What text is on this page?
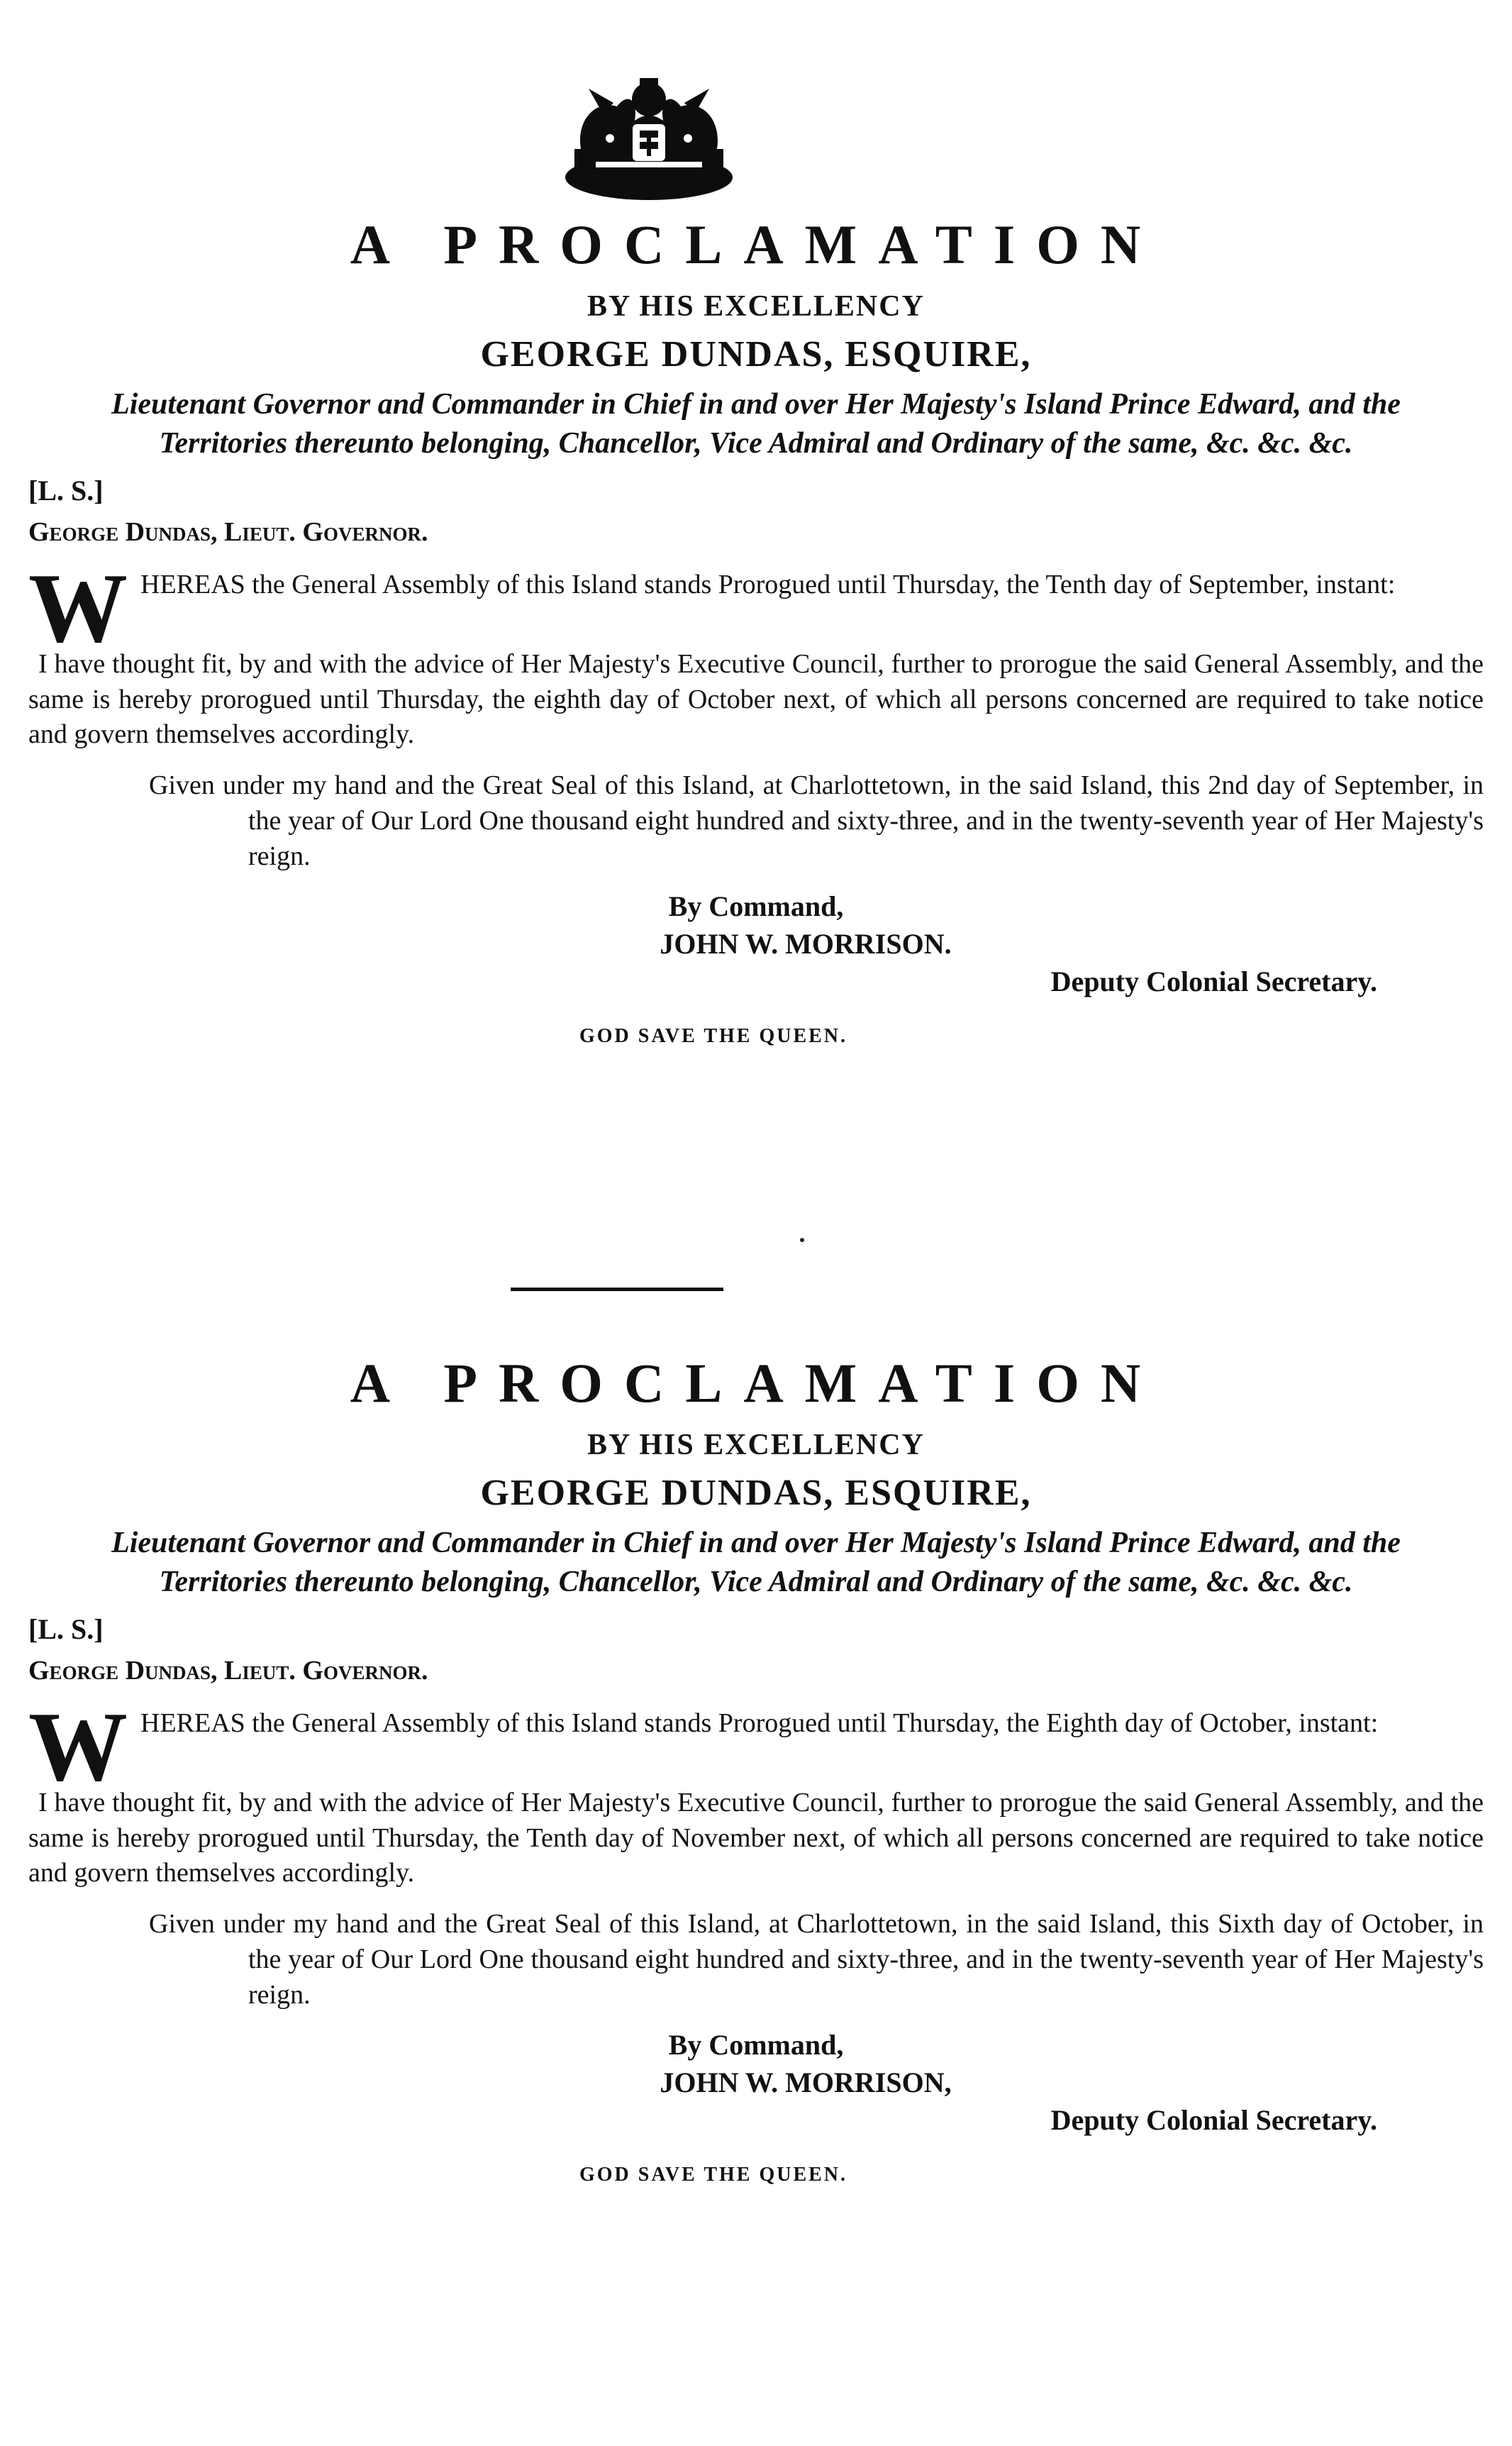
A PROCLAMATION

BY HIS EXCELLENCY

GEORGE DUNDAS, ESQUIRE,

Lieutenant Governor and Commander in Chief in and over Her Majesty's Island Prince Edward, and the Territories thereunto belonging, Chancellor, Vice Admiral and Ordinary of the same, &c. &c. &c.

[L. S.]

George Dundas, Lieut. Governor.

W HEREAS the General Assembly of this Island stands Prorogued until Thursday, the Tenth day of September, instant:

I have thought fit, by and with the advice of Her Majesty's Executive Council, further to prorogue the said General Assembly, and the same is hereby prorogued until Thursday, the eighth day of October next, of which all persons concerned are required to take notice and govern themselves accordingly.

Given under my hand and the Great Seal of this Island, at Charlottetown, in the said Island, this 2nd day of September, in the year of Our Lord One thousand eight hundred and sixty-three, and in the twenty-seventh year of Her Majesty's reign.

By Command,

JOHN W. MORRISON.

Deputy Colonial Secretary.

GOD SAVE THE QUEEN.

A PROCLAMATION

BY HIS EXCELLENCY

GEORGE DUNDAS, ESQUIRE,

Lieutenant Governor and Commander in Chief in and over Her Majesty's Island Prince Edward, and the Territories thereunto belonging, Chancellor, Vice Admiral and Ordinary of the same, &c. &c. &c.

[L. S.]

George Dundas, Lieut. Governor.

W HEREAS the General Assembly of this Island stands Prorogued until Thursday, the Eighth day of October, instant:

I have thought fit, by and with the advice of Her Majesty's Executive Council, further to prorogue the said General Assembly, and the same is hereby prorogued until Thursday, the Tenth day of November next, of which all persons concerned are required to take notice and govern themselves accordingly.

Given under my hand and the Great Seal of this Island, at Charlottetown, in the said Island, this Sixth day of October, in the year of Our Lord One thousand eight hundred and sixty-three, and in the twenty-seventh year of Her Majesty's reign.

By Command,

JOHN W. MORRISON,

Deputy Colonial Secretary.

GOD SAVE THE QUEEN.
